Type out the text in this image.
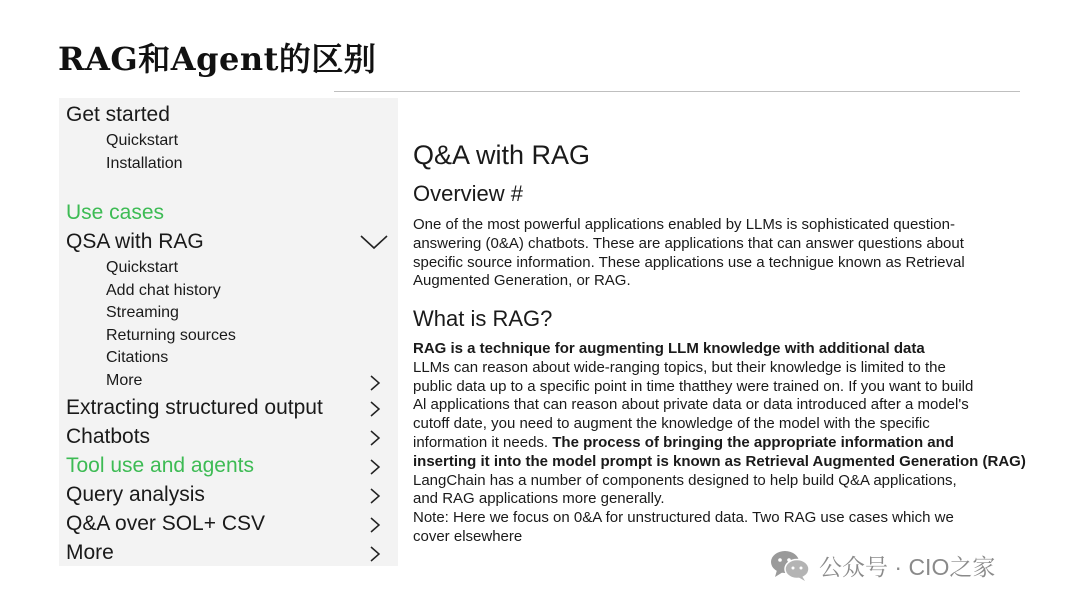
RAG和Agent的区别
Get started
Quickstart
Installation
Use cases
QSA with RAG
Quickstart
Add chat history
Streaming
Returning sources
Citations
More
Extracting structured output
Chatbots
Tool use and agents
Query analysis
Q&A over SOL+ CSV
More
Q&A with RAG
Overview #
One of the most powerful applications enabled by LLMs is sophisticated question-
answering (0&A) chatbots. These are applications that can answer questions about
specific source information. These applications use a technigue known as Retrieval
Augmented Generation, or RAG.
What is RAG?
RAG is a technique for augmenting LLM knowledge with additional data
LLMs can reason about wide-ranging topics, but their knowledge is limited to the
public data up to a specific point in time thatthey were trained on. If you want to build
Al applications that can reason about private data or data introduced after a model's
cutoff date, you need to augment the knowledge of the model with the specific
information it needs. The process of bringing the appropriate information and
inserting it into the model prompt is known as Retrieval Augmented Generation (RAG)
LangChain has a number of components designed to help build Q&A applications,
and RAG applications more generally.
Note: Here we focus on 0&A for unstructured data. Two RAG use cases which we
cover elsewhere
公众号 · CIO之家
